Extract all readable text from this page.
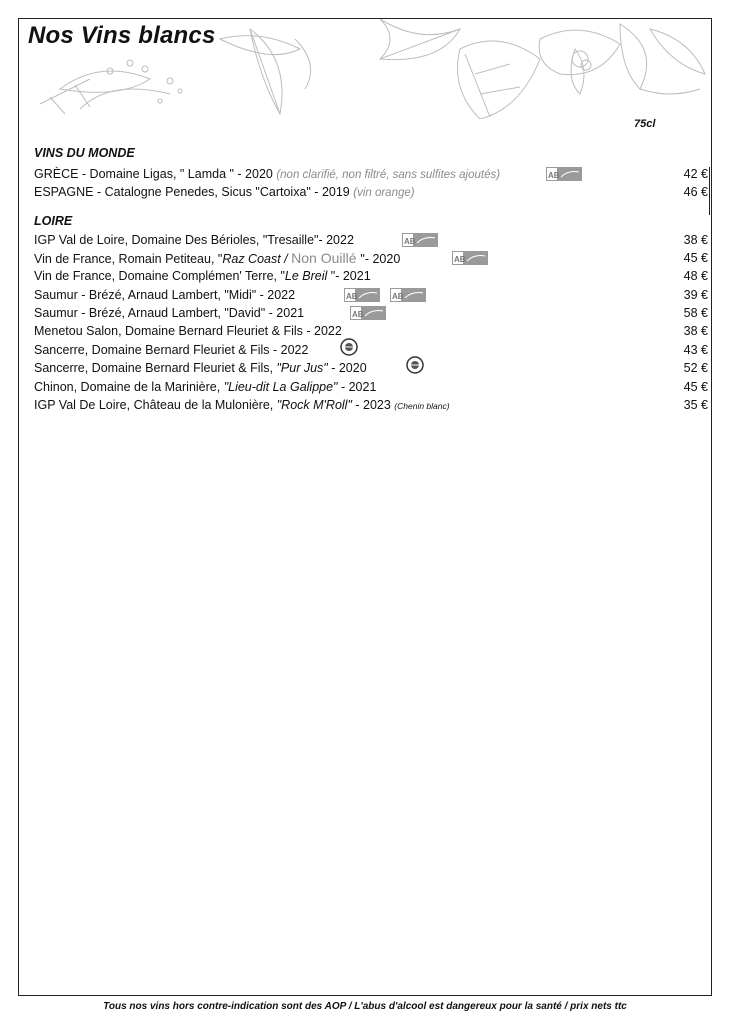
Nos Vins blancs
75cl
VINS DU MONDE
GRÈCE - Domaine Ligas, " Lamda " - 2020 (non clarifié, non filtré, sans sulfites ajoutés)	AB	42 €
ESPAGNE - Catalogne Penedes, Sicus "Cartoixa" - 2019 (vin orange)	46 €
LOIRE
IGP Val de Loire, Domaine Des Bérioles, "Tresaille"- 2022	AB	38 €
Vin de France, Romain Petiteau, "Raz Coast / Non Ouillé "- 2020	AB	45 €
Vin de France, Domaine Complémen' Terre, "Le Breil "- 2021	48 €
Saumur - Brézé, Arnaud Lambert, "Midi" - 2022	AB	AB	39 €
Saumur - Brézé, Arnaud Lambert, "David" - 2021	AB	58 €
Menetou Salon, Domaine Bernard Fleuriet & Fils - 2022	38 €
Sancerre, Domaine Bernard Fleuriet & Fils - 2022	43 €
Sancerre, Domaine Bernard Fleuriet & Fils, "Pur Jus" - 2020	52 €
Chinon, Domaine de la Marinière, "Lieu-dit La Galippe" - 2021	45 €
IGP Val De Loire, Château de la Mulonière, "Rock M'Roll" - 2023 (Chenin blanc)	35 €
Tous nos vins hors contre-indication sont des AOP / L'abus d'alcool est dangereux pour la santé / prix nets ttc
